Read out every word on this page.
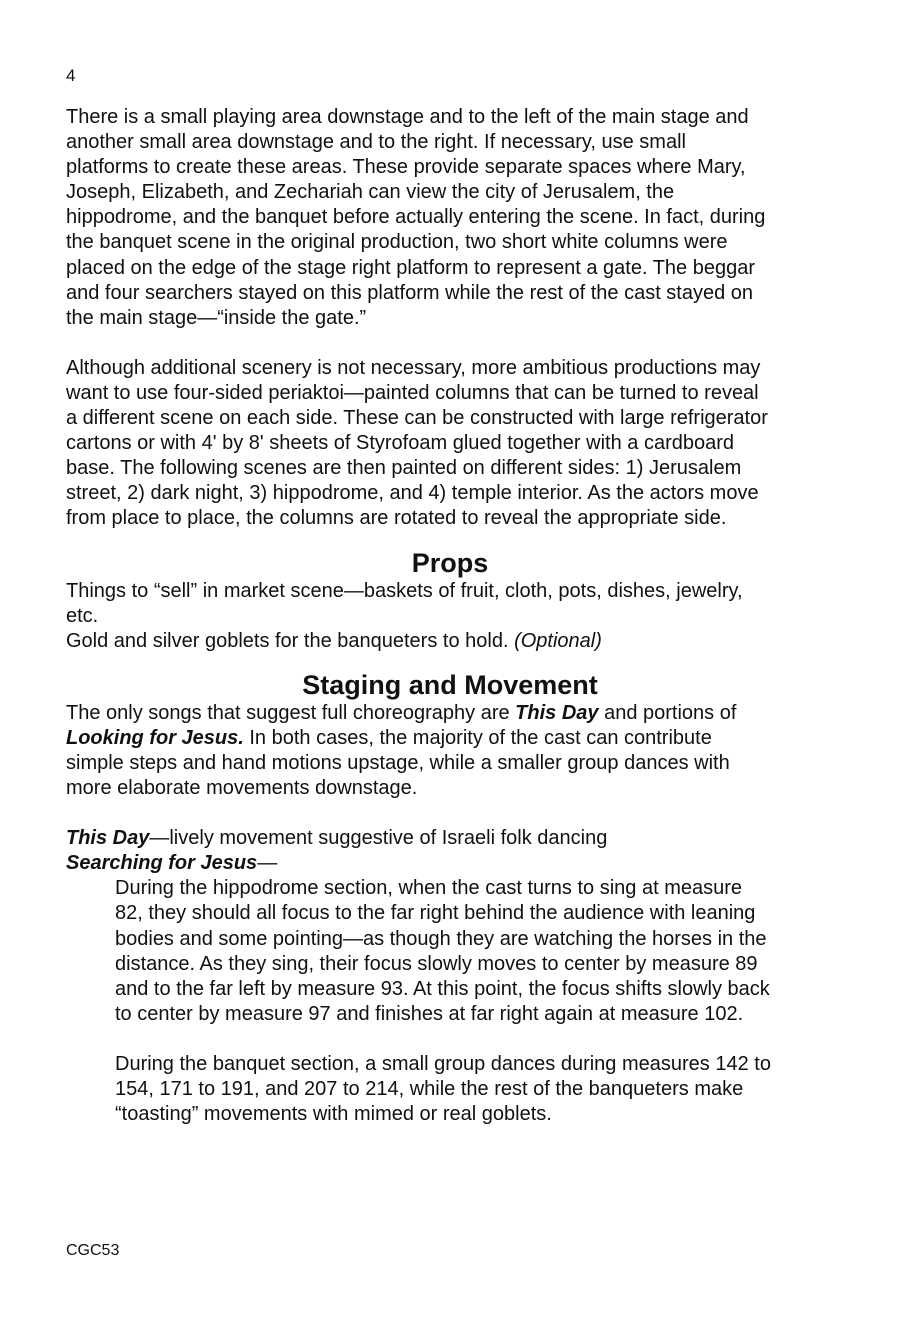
4

There is a small playing area downstage and to the left of the main stage and

another small area downstage and to the right. If necessary, use small

platforms to create these areas. These provide separate spaces where Mary,

Joseph, Elizabeth, and Zechariah can view the city of Jerusalem, the

hippodrome, and the banquet before actually entering the scene. In fact, during

the banquet scene in the original production, two short white columns were

placed on the edge of the stage right platform to represent a gate. The beggar

and four searchers stayed on this platform while the rest of the cast stayed on

the main stage—“inside the gate.”

Although additional scenery is not necessary, more ambitious productions may

want to use four-sided periaktoi—painted columns that can be turned to reveal

a different scene on each side. These can be constructed with large refrigerator

cartons or with 4' by 8' sheets of Styrofoam glued together with a cardboard

base. The following scenes are then painted on different sides: 1) Jerusalem

street, 2) dark night, 3) hippodrome, and 4) temple interior. As the actors move

from place to place, the columns are rotated to reveal the appropriate side.

Props

Things to “sell” in market scene—baskets of fruit, cloth, pots, dishes, jewelry,

etc.

Gold and silver goblets for the banqueters to hold. (Optional)

Staging and Movement

The only songs that suggest full choreography are This Day and portions of

Looking for Jesus. In both cases, the majority of the cast can contribute

simple steps and hand motions upstage, while a smaller group dances with

more elaborate movements downstage.

This Day—lively movement suggestive of Israeli folk dancing

Searching for Jesus—

During the hippodrome section, when the cast turns to sing at measure

82, they should all focus to the far right behind the audience with leaning

bodies and some pointing—as though they are watching the horses in the

distance. As they sing, their focus slowly moves to center by measure 89

and to the far left by measure 93. At this point, the focus shifts slowly back

to center by measure 97 and finishes at far right again at measure 102.

During the banquet section, a small group dances during measures 142 to

154, 171 to 191, and 207 to 214, while the rest of the banqueters make

“toasting” movements with mimed or real goblets.

CGC53
